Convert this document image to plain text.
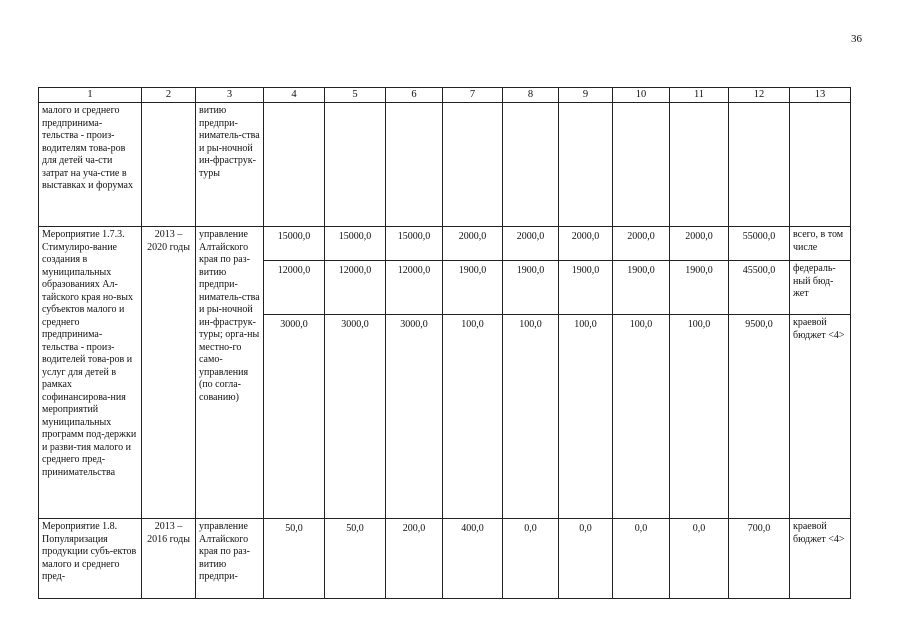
36
1	2	3	4	5	6	7	8	9	10	11	12	13
малого и среднего предпринима-тельства - произ-водителям това-ров для детей ча-сти затрат на уча-стие в выставках и форумах		витию предпри-ниматель-ства и ры-ночной ин-фраструк-туры										
Мероприятие 1.7.3. Стимулиро-вание создания в муниципальных образованиях Ал-тайского края но-вых субъектов малого и среднего предпринима-тельства - произ-водителей това-ров и услуг для детей в рамках софинансирова-ния мероприятий муниципальных программ под-держки и разви-тия малого и среднего пред-принимательства	2013 – 2020 годы	управление Алтайского края по раз-витию предпри-ниматель-ства и ры-ночной ин-фраструк-туры; орга-ны местно-го само-управления (по согла-сованию)	15000,0	15000,0	15000,0	2000,0	2000,0	2000,0	2000,0	2000,0	55000,0	всего, в том числе
			12000,0	12000,0	12000,0	1900,0	1900,0	1900,0	1900,0	1900,0	45500,0	федераль-ный бюд-жет
			3000,0	3000,0	3000,0	100,0	100,0	100,0	100,0	100,0	9500,0	краевой бюджет <4>
Мероприятие 1.8. Популяризация продукции субъ-ектов малого и среднего пред-	2013 – 2016 годы	управление Алтайского края по раз-витию предпри-	50,0	50,0	200,0	400,0	0,0	0,0	0,0	0,0	700,0	краевой бюджет <4>
